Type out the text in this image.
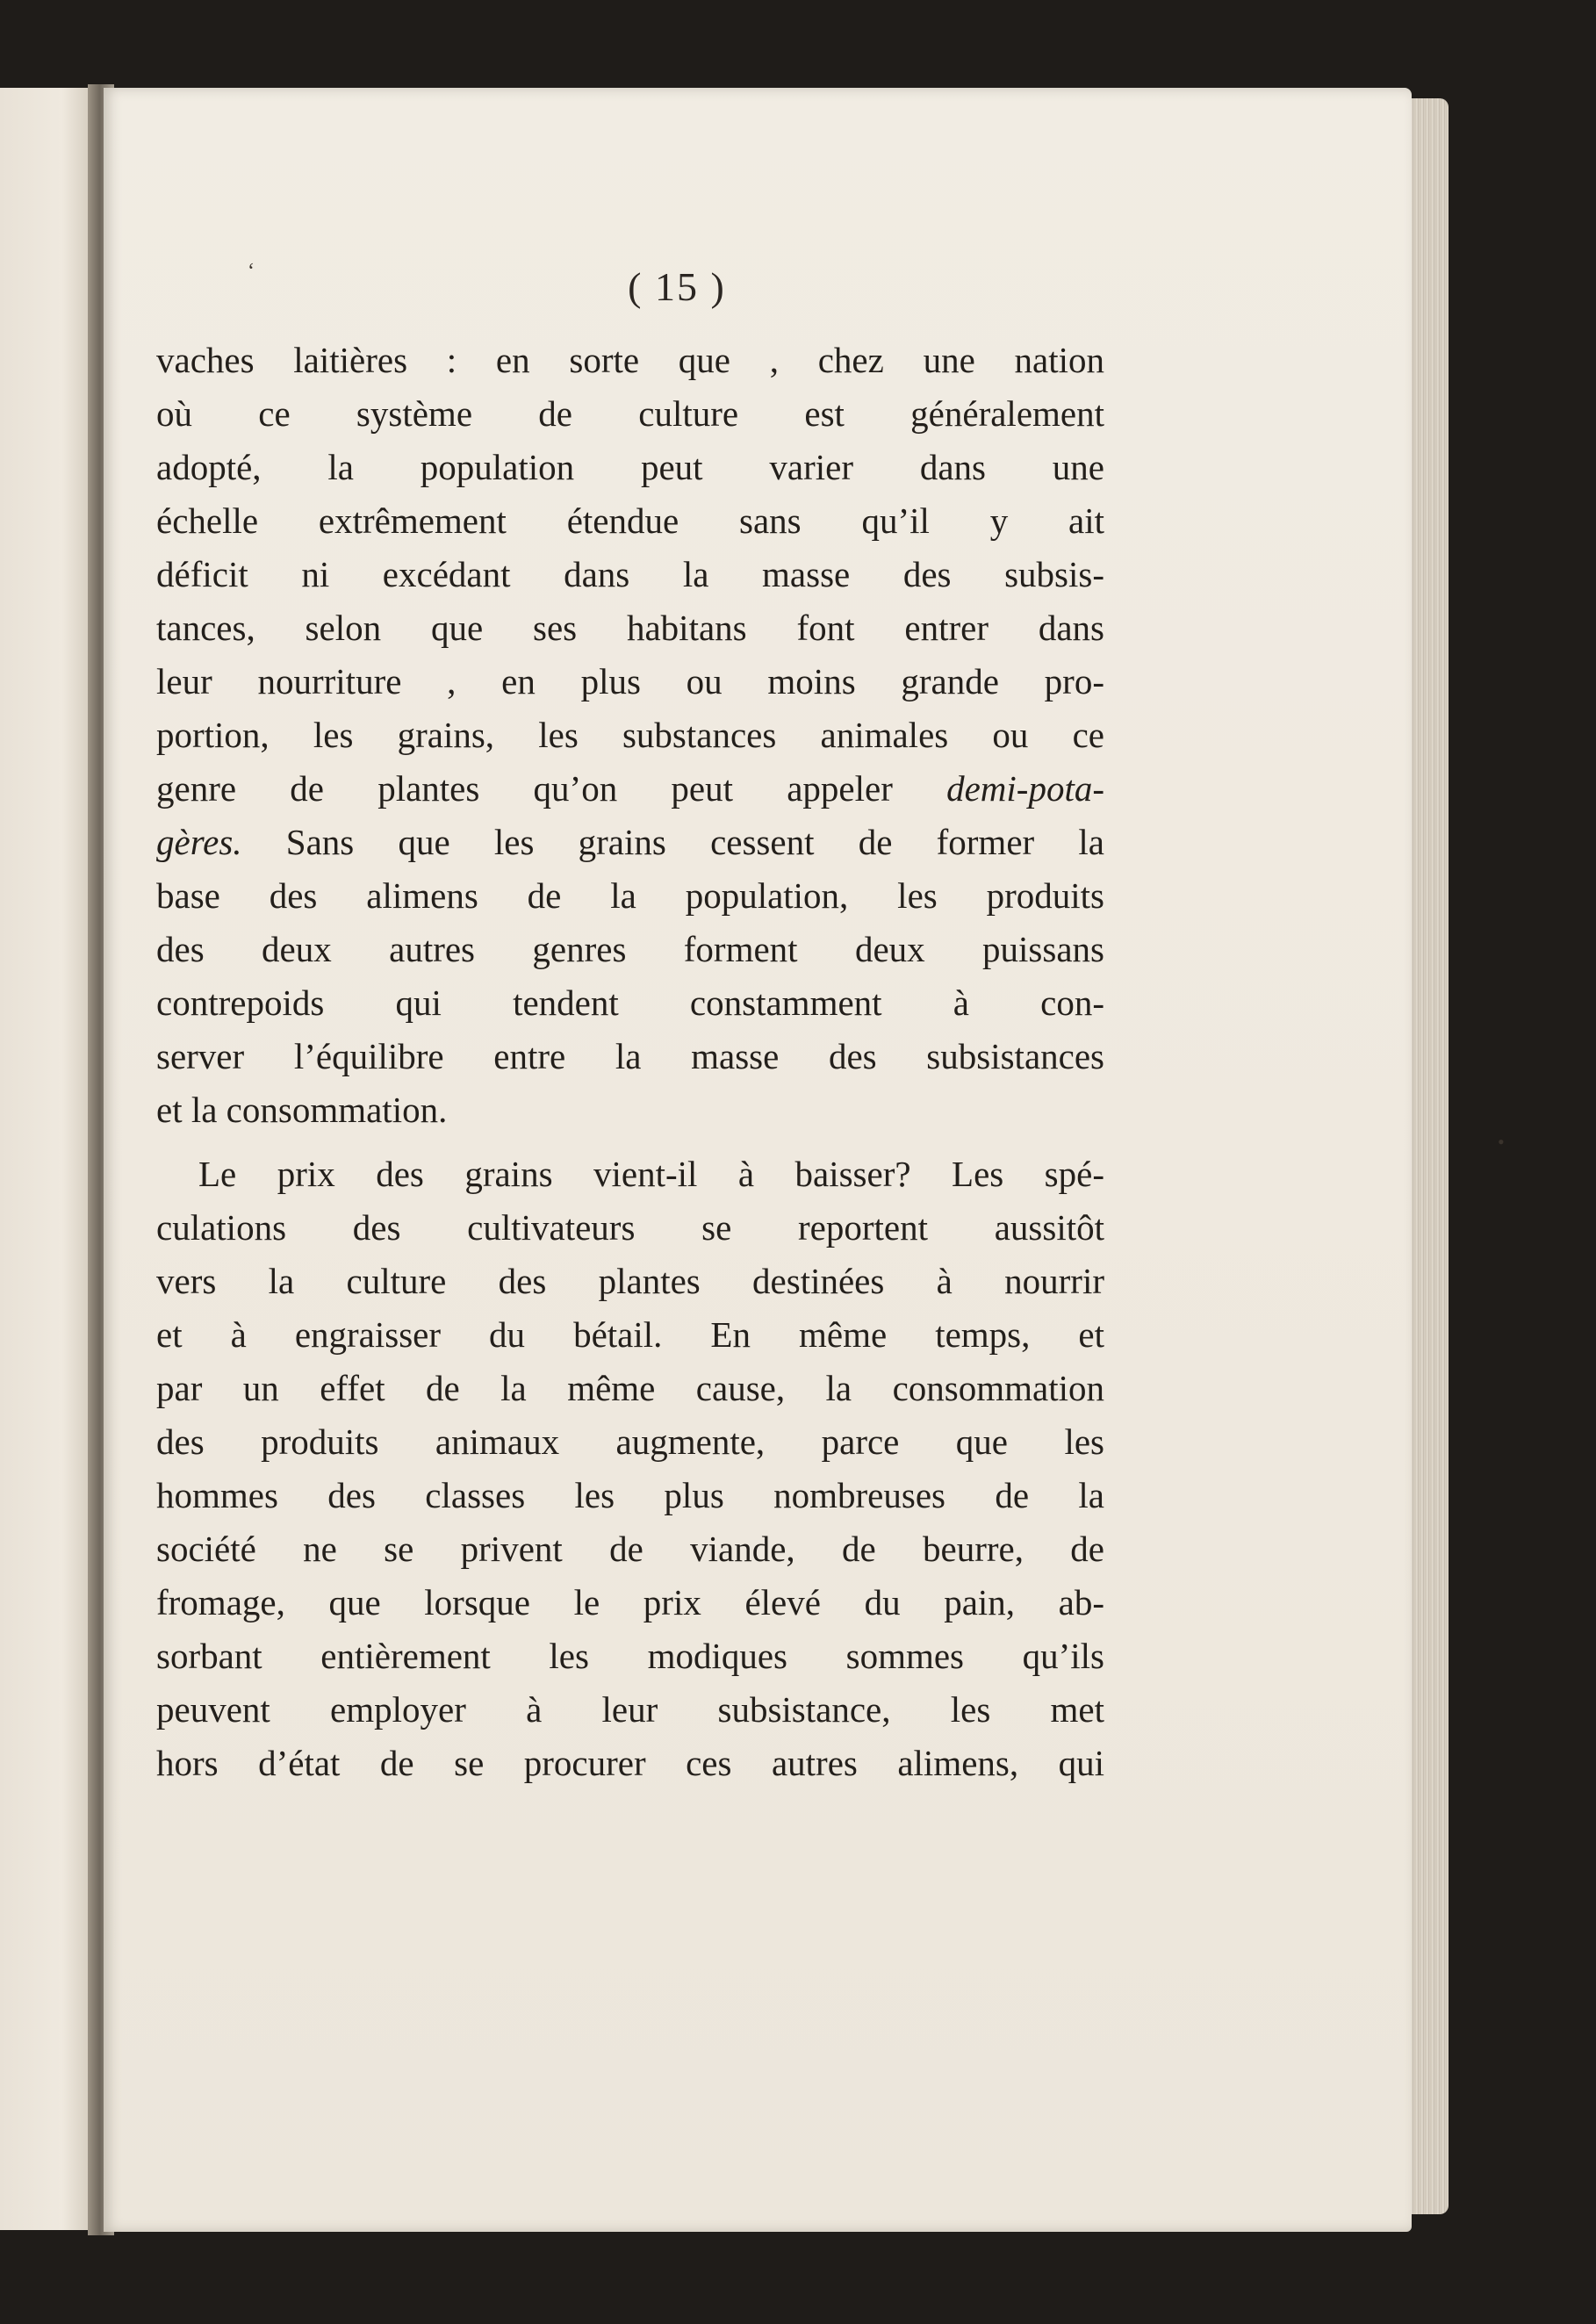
‘	( 15 )
•
vaches laitières : en sorte que , chez une nation
où ce système de culture est généralement
adopté, la population peut varier dans une
échelle extrêmement étendue sans qu’il y ait
déficit ni excédant dans la masse des subsis-
tances, selon que ses habitans font entrer dans
leur nourriture , en plus ou moins grande pro-
portion, les grains, les substances animales ou ce
genre de plantes qu’on peut appeler demi-pota-
gères. Sans que les grains cessent de former la
base des alimens de la population, les produits
des deux autres genres forment deux puissans
contrepoids qui tendent constamment à con-
server l’équilibre entre la masse des subsistances
et la consommation.
Le prix des grains vient-il à baisser? Les spé-
culations des cultivateurs se reportent aussitôt
vers la culture des plantes destinées à nourrir
et à engraisser du bétail. En même temps, et
par un effet de la même cause, la consommation
des produits animaux augmente, parce que les
hommes des classes les plus nombreuses de la
société ne se privent de viande, de beurre, de
fromage, que lorsque le prix élevé du pain, ab-
sorbant entièrement les modiques sommes qu’ils
peuvent employer à leur subsistance, les met
hors d’état de se procurer ces autres alimens, qui
